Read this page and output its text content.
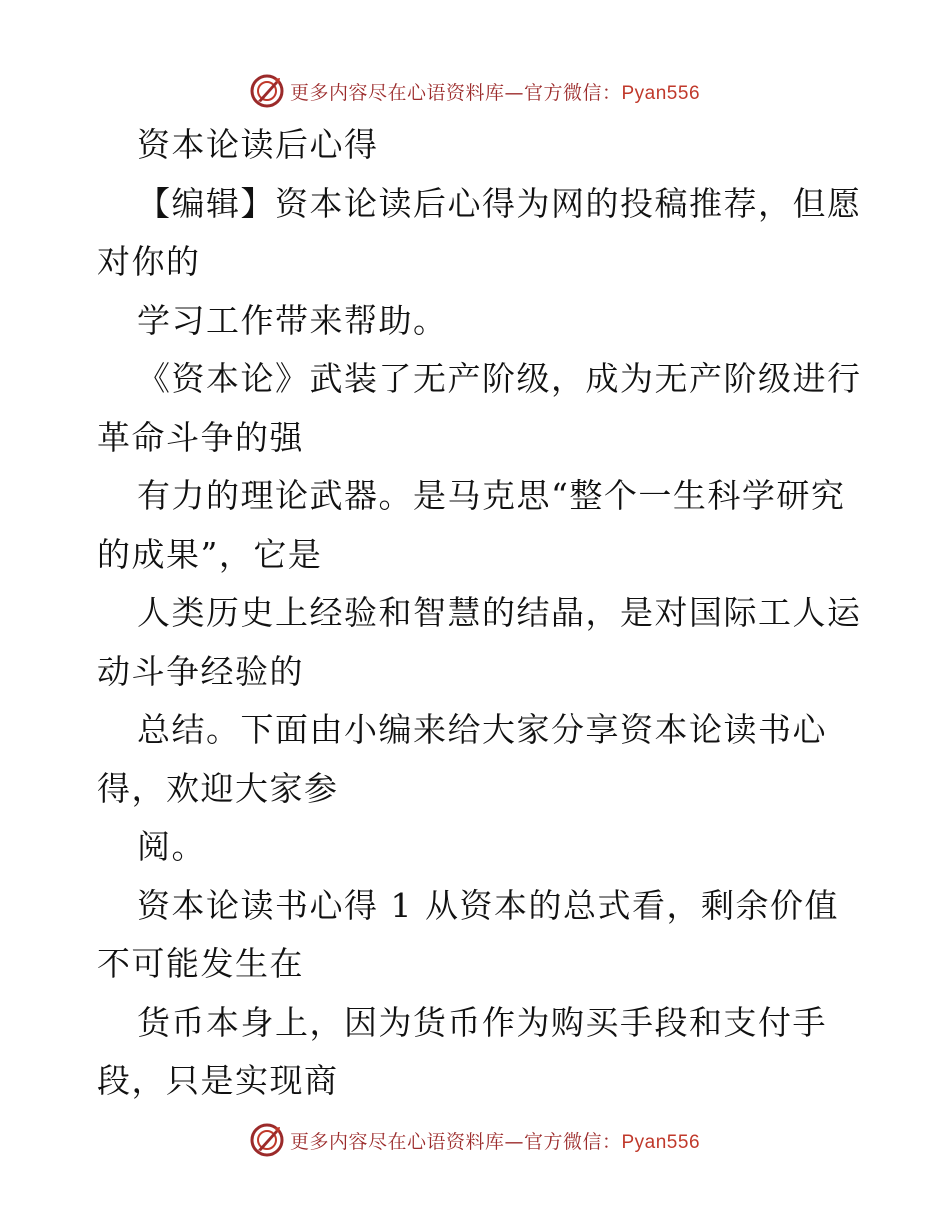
更多内容尽在心语资料库—官方微信：Pyan556
资本论读后心得
【编辑】资本论读后心得为网的投稿推荐，但愿
对你的
学习工作带来帮助。
《资本论》武装了无产阶级，成为无产阶级进行
革命斗争的强
有力的理论武器。是马克思“整个一生科学研究
的成果”，它是
人类历史上经验和智慧的结晶，是对国际工人运
动斗争经验的
总结。下面由小编来给大家分享资本论读书心
得，欢迎大家参
阅。
资本论读书心得 1 从资本的总式看，剩余价值
不可能发生在
货币本身上，因为货币作为购买手段和支付手
段，只是实现商
更多内容尽在心语资料库—官方微信：Pyan556
